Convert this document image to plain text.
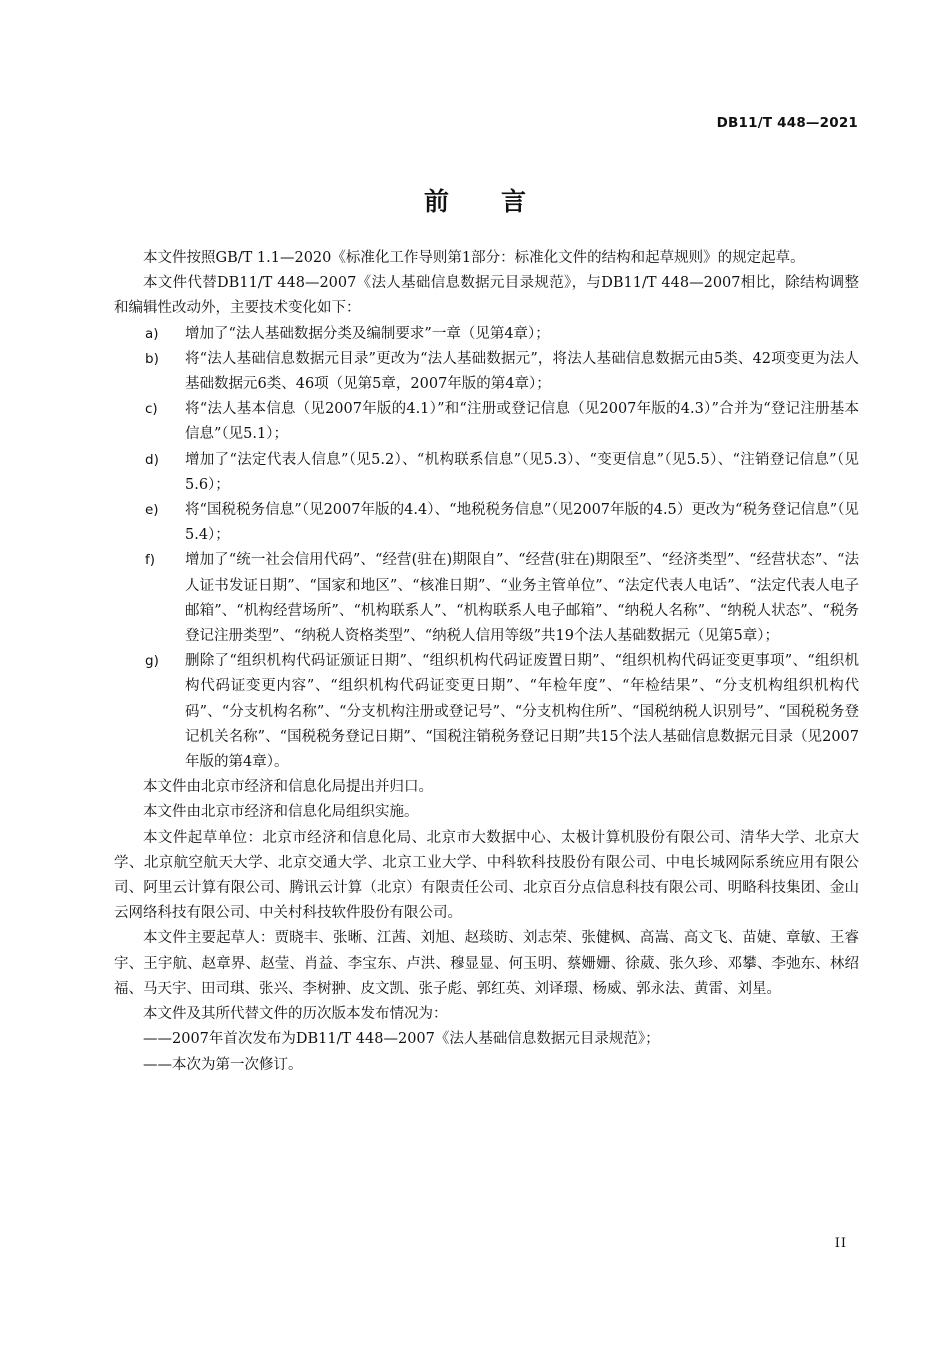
DB11/T 448—2021
前言

本文件按照GB/T 1.1—2020《标准化工作导则第1部分：标准化文件的结构和起草规则》的规定起草。

本文件代替DB11/T 448—2007《法人基础信息数据元目录规范》，与DB11/T 448—2007相比，除结构调整和编辑性改动外，主要技术变化如下：

a) 增加了“法人基础数据分类及编制要求”一章（见第4章）；
b) 将“法人基础信息数据元目录”更改为“法人基础数据元”，将法人基础信息数据元由5类、42项变更为法人基础数据元6类、46项（见第5章，2007年版的第4章）；
c) 将“法人基本信息（见2007年版的4.1）”和“注册或登记信息（见2007年版的4.3）”合并为“登记注册基本信息”（见5.1）；
d) 增加了“法定代表人信息”（见5.2）、“机构联系信息”（见5.3）、“变更信息”（见5.5）、“注销登记信息”（见5.6）；
e) 将“国税税务信息”（见2007年版的4.4）、“地税税务信息”（见2007年版的4.5）更改为“税务登记信息”（见5.4）；
f) 增加了“统一社会信用代码”、“经营(驻在)期限自”、“经营(驻在)期限至”、“经济类型”、“经营状态”、“法人证书发证日期”、“国家和地区”、“核准日期”、“业务主管单位”、“法定代表人电话”、“法定代表人电子邮箱”、“机构经营场所”、“机构联系人”、“机构联系人电子邮箱”、“纳税人名称”、“纳税人状态”、“税务登记注册类型”、“纳税人资格类型”、“纳税人信用等级”共19个法人基础数据元（见第5章）；
g) 删除了“组织机构代码证颁证日期”、“组织机构代码证废置日期”、“组织机构代码证变更事项”、“组织机构代码证变更内容”、“组织机构代码证变更日期”、“年检年度”、“年检结果”、“分支机构组织机构代码”、“分支机构名称”、“分支机构注册或登记号”、“分支机构住所”、“国税纳税人识别号”、“国税税务登记机关名称”、“国税税务登记日期”、“国税注销税务登记日期”共15个法人基础信息数据元目录（见2007年版的第4章）。

本文件由北京市经济和信息化局提出并归口。

本文件由北京市经济和信息化局组织实施。

本文件起草单位：北京市经济和信息化局、北京市大数据中心、太极计算机股份有限公司、清华大学、北京大学、北京航空航天大学、北京交通大学、北京工业大学、中科软科技股份有限公司、中电长城网际系统应用有限公司、阿里云计算有限公司、腾讯云计算（北京）有限责任公司、北京百分点信息科技有限公司、明略科技集团、金山云网络科技有限公司、中关村科技软件股份有限公司。

本文件主要起草人：贾晓丰、张晰、江茜、刘旭、赵琰昉、刘志荣、张健枫、高嵩、高文飞、苗婕、章敏、王睿宇、王宇航、赵章界、赵莹、肖益、李宝东、卢洪、穆显显、何玉明、蔡姗姗、徐葳、张久珍、邓攀、李弛东、林绍福、马天宇、田司琪、张兴、李树翀、皮文凯、张子彪、郭红英、刘译璟、杨威、郭永法、黄雷、刘星。

本文件及其所代替文件的历次版本发布情况为：

——2007年首次发布为DB11/T 448—2007《法人基础信息数据元目录规范》；

——本次为第一次修订。

II
